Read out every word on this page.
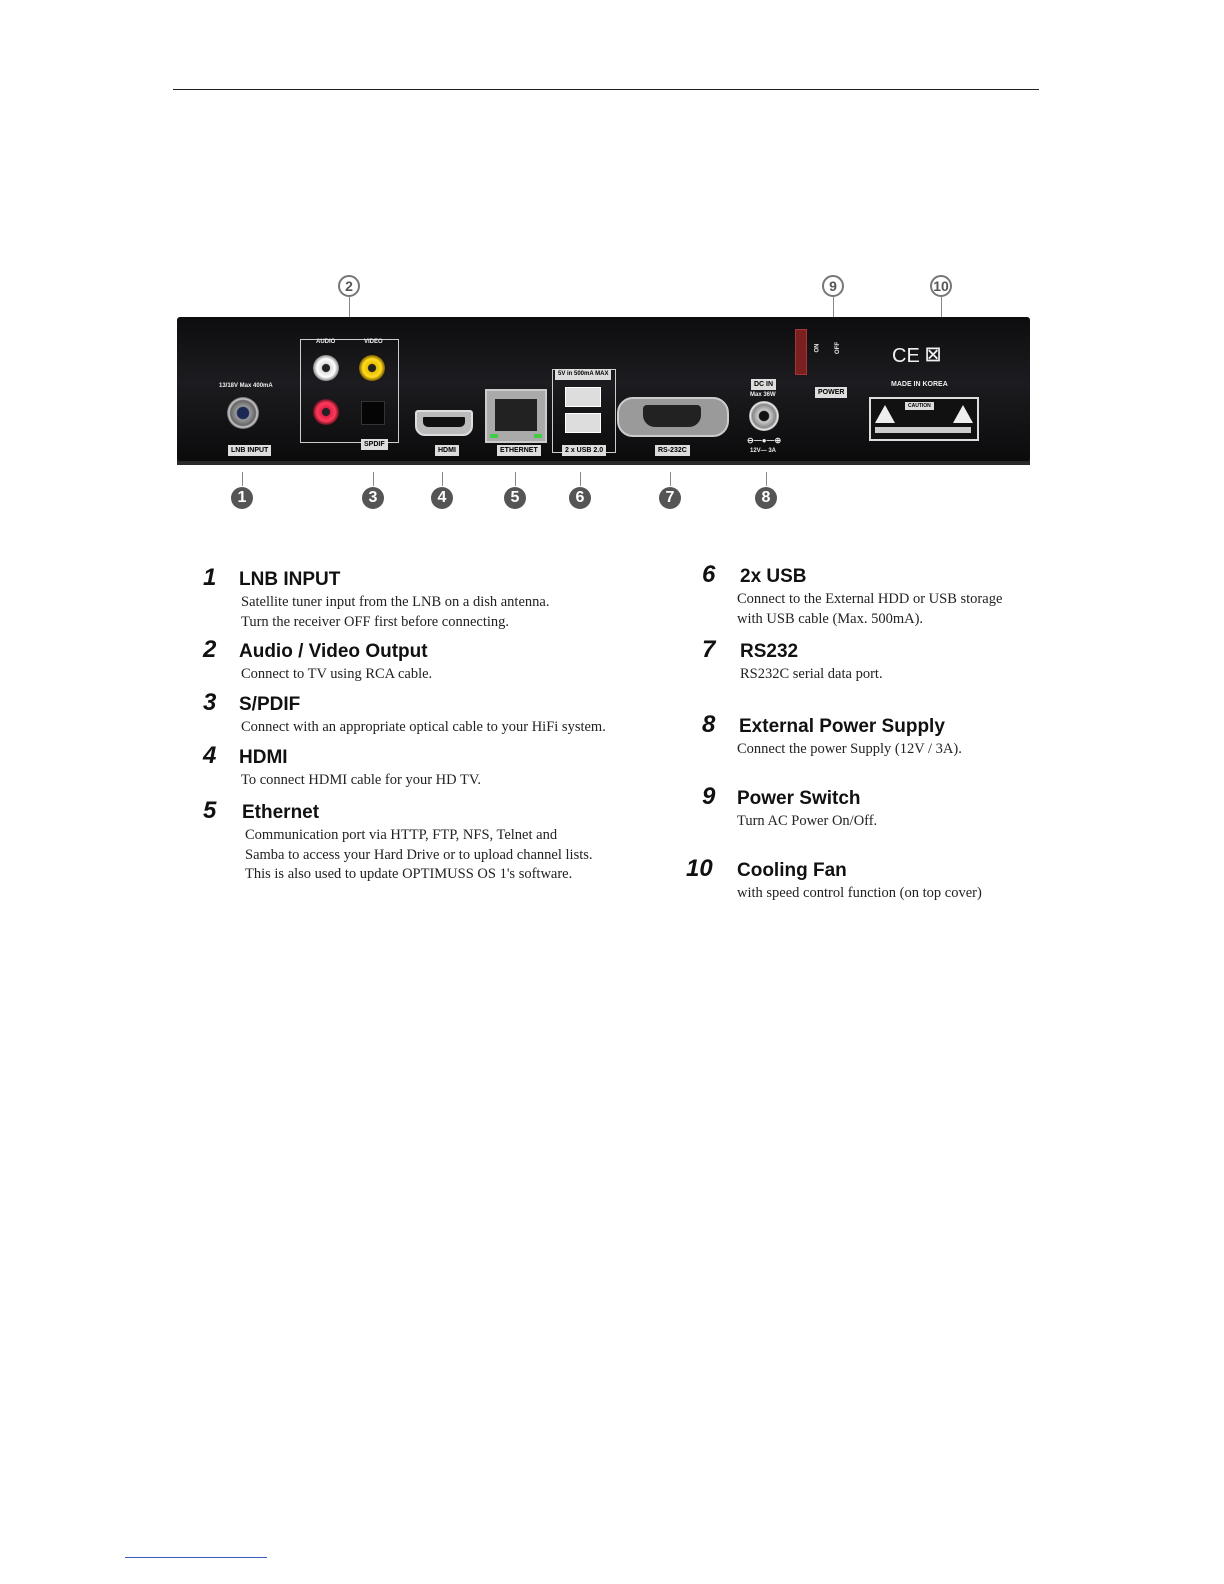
2	9	10
13/18V Max 400mA
LNB INPUT
AUDIO	VIDEO
SPDIF
HDMI	ETHERNET
5V in 500mA MAX
2 x USB 2.0	RS-232C
DC IN
Max 36W
⊖—●—⊕
12V— 3A
ON OFF
POWER
CE ☒
MADE IN KOREA
CAUTION
1	3	4	5	6	7	8
1 LNB INPUT
Satellite tuner input from the LNB on a dish antenna.
Turn the receiver OFF first before connecting.
2 Audio / Video Output
Connect to TV using RCA cable.
3 S/PDIF
Connect with an appropriate optical cable to your HiFi system.
4 HDMI
To connect HDMI cable for your HD TV.
5 Ethernet
Communication port via HTTP, FTP, NFS, Telnet and
Samba to access your Hard Drive or to upload channel lists.
This is also used to update OPTIMUSS OS 1's software.
6 2x USB
Connect to the External HDD or USB storage
with USB cable (Max. 500mA).
7 RS232
RS232C serial data port.
8 External Power Supply
Connect the power Supply (12V / 3A).
9 Power Switch
Turn AC Power On/Off.
10 Cooling Fan
with speed control function (on top cover)
